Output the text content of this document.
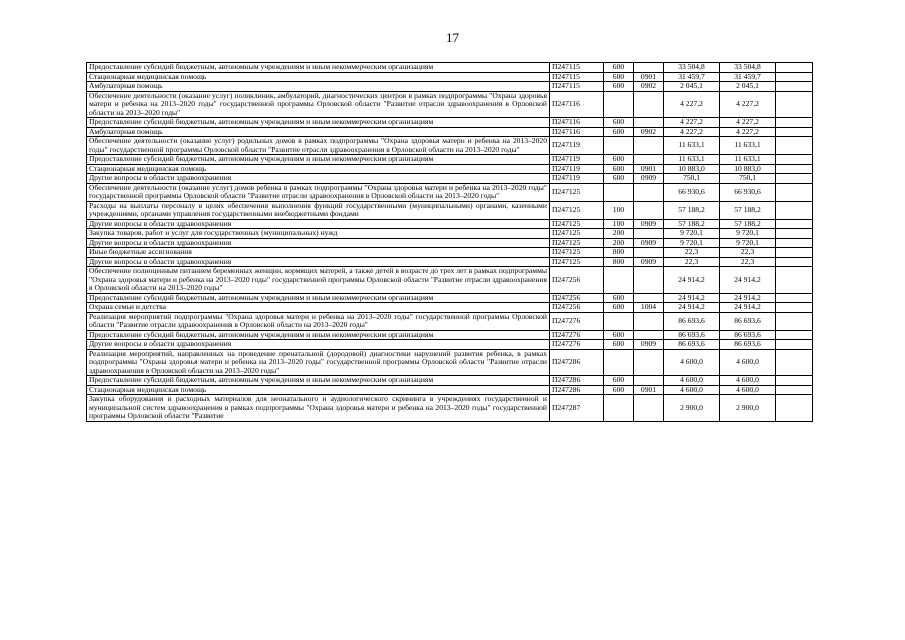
17
Предоставление субсидий бюджетным, автономным учреждениям и иным некоммерческим организациям	П247115	600		33 504,8	33 504,8	
Стационарная медицинская помощь	П247115	600	0901	31 459,7	31 459,7	
Амбулаторная помощь	П247115	600	0902	2 045,1	2 045,1	
Обеспечение деятельности (оказание услуг) поликлиник, амбулаторий, диагностических центров в рамках подпрограммы "Охрана здоровья матери и ребенка на 2013–2020 годы" государственной программы Орловской области "Развитие отрасли здравоохранения в Орловской области на 2013–2020 годы"	П247116			4 227,2	4 227,2	
Предоставление субсидий бюджетным, автономным учреждениям и иным некоммерческим организациям	П247116	600		4 227,2	4 227,2	
Амбулаторная помощь	П247116	600	0902	4 227,2	4 227,2	
Обеспечение деятельности (оказание услуг) родильных домов в рамках подпрограммы "Охрана здоровья матери и ребенка на 2013–2020 годы" государственной программы Орловской области "Развитие отрасли здравоохранения в Орловской области на 2013–2020 годы"	П247119			11 633,1	11 633,1	
Предоставление субсидий бюджетным, автономным учреждениям и иным некоммерческим организациям	П247119	600		11 633,1	11 633,1	
Стационарная медицинская помощь	П247119	600	0901	10 883,0	10 883,0	
Другие вопросы в области здравоохранения	П247119	600	0909	750,1	750,1	
Обеспечение деятельности (оказание услуг) домов ребенка в рамках подпрограммы "Охрана здоровья матери и ребенка на 2013–2020 годы" государственной программы Орловской области "Развитие отрасли здравоохранения в Орловской области на 2013–2020 годы"	П247125			66 930,6	66 930,6	
Расходы на выплаты персоналу в целях обеспечения выполнения функций государственными (муниципальными) органами, казенными учреждениями, органами управления государственными внебюджетными фондами	П247125	100		57 188,2	57 188,2	
Другие вопросы в области здравоохранения	П247125	100	0909	57 188,2	57 188,2	
Закупка товаров, работ и услуг для государственных (муниципальных) нужд	П247125	200		9 720,1	9 720,1	
Другие вопросы в области здравоохранения	П247125	200	0909	9 720,1	9 720,1	
Иные бюджетные ассигнования	П247125	800		22,3	22,3	
Другие вопросы в области здравоохранения	П247125	800	0909	22,3	22,3	
Обеспечение полноценным питанием беременных женщин, кормящих матерей, а также детей в возрасте до трех лет в рамках подпрограммы "Охрана здоровья матери и ребенка на 2013–2020 годы" государственной программы Орловской области "Развитие отрасли здравоохранения в Орловской области на 2013–2020 годы"	П247256			24 914,2	24 914,2	
Предоставление субсидий бюджетным, автономным учреждениям и иным некоммерческим организациям	П247256	600		24 914,2	24 914,2	
Охрана семьи и детства	П247256	600	1004	24 914,2	24 914,2	
Реализация мероприятий подпрограммы "Охрана здоровья матери и ребенка на 2013–2020 годы" государственной программы Орловской области "Развитие отрасли здравоохранения в Орловской области на 2013–2020 годы"	П247276			86 693,6	86 693,6	
Предоставление субсидий бюджетным, автономным учреждениям и иным некоммерческим организациям	П247276	600		86 693,6	86 693,6	
Другие вопросы в области здравоохранения	П247276	600	0909	86 693,6	86 693,6	
Реализация мероприятий, направленных на проведение пренатальной (дородовой) диагностики нарушений развития ребенка, в рамках подпрограммы "Охрана здоровья матери и ребенка на 2013–2020 годы" государственной программы Орловской области "Развитие отрасли здравоохранения в Орловской области на 2013–2020 годы"	П247286			4 600,0	4 600,0	
Предоставление субсидий бюджетным, автономным учреждениям и иным некоммерческим организациям	П247286	600		4 600,0	4 600,0	
Стационарная медицинская помощь	П247286	600	0901	4 600,0	4 600,0	
Закупка оборудования и расходных материалов для неонатального и аудиологического скрининга в учреждениях государственной и муниципальной систем здравоохранения в рамках подпрограммы "Охрана здоровья матери и ребенка на 2013–2020 годы" государственной программы Орловской области "Развитие	П247287			2 900,0	2 900,0	
